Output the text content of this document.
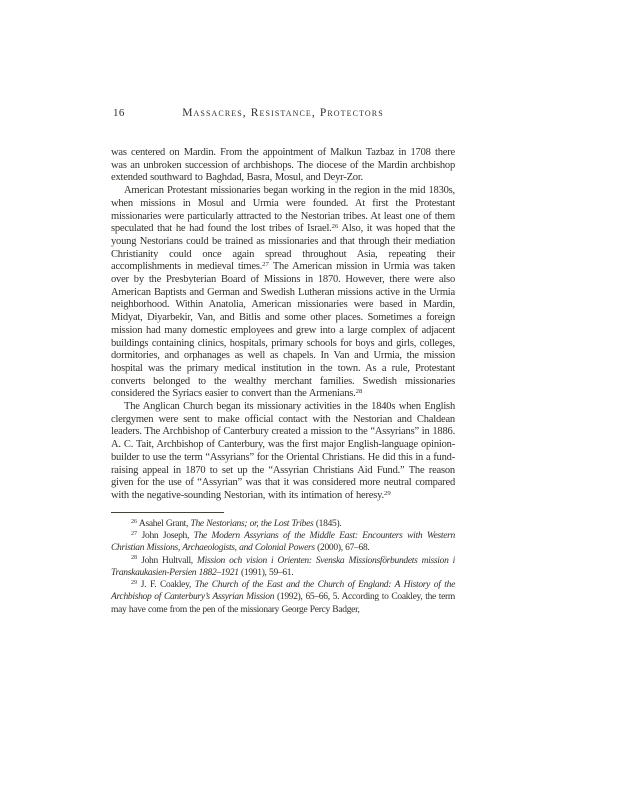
16	Massacres, Resistance, Protectors

was centered on Mardin. From the appointment of Malkun Tazbaz in 1708 there was an unbroken succession of archbishops. The diocese of the Mardin archbishop extended southward to Baghdad, Basra, Mosul, and Deyr-Zor.

American Protestant missionaries began working in the region in the mid 1830s, when missions in Mosul and Urmia were founded. At first the Protestant missionaries were particularly attracted to the Nestorian tribes. At least one of them speculated that he had found the lost tribes of Israel.$^{26}$ Also, it was hoped that the young Nestorians could be trained as missionaries and that through their mediation Christianity could once again spread throughout Asia, repeating their accomplishments in medieval times.$^{27}$ The American mission in Urmia was taken over by the Presbyterian Board of Missions in 1870. However, there were also American Baptists and German and Swedish Lutheran missions active in the Urmia neighborhood. Within Anatolia, American missionaries were based in Mardin, Midyat, Diyarbekir, Van, and Bitlis and some other places. Sometimes a foreign mission had many domestic employees and grew into a large complex of adjacent buildings containing clinics, hospitals, primary schools for boys and girls, colleges, dormitories, and orphanages as well as chapels. In Van and Urmia, the mission hospital was the primary medical institution in the town. As a rule, Protestant converts belonged to the wealthy merchant families. Swedish missionaries considered the Syriacs easier to convert than the Armenians.$^{28}$

The Anglican Church began its missionary activities in the 1840s when English clergymen were sent to make official contact with the Nestorian and Chaldean leaders. The Archbishop of Canterbury created a mission to the “Assyrians” in 1886. A. C. Tait, Archbishop of Canterbury, was the first major English-language opinion-builder to use the term “Assyrians” for the Oriental Christians. He did this in a fund-raising appeal in 1870 to set up the “Assyrian Christians Aid Fund.” The reason given for the use of “Assyrian” was that it was considered more neutral compared with the negative-sounding Nestorian, with its intimation of heresy.$^{29}$

$^{26}$ Asahel Grant, The Nestorians; or, the Lost Tribes (1845).

$^{27}$ John Joseph, The Modern Assyrians of the Middle East: Encounters with Western Christian Missions, Archaeologists, and Colonial Powers (2000), 67–68.

$^{28}$ John Hultvall, Mission och vision i Orienten: Svenska Missionsförbundets mission i Transkaukasien-Persien 1882–1921 (1991), 59–61.

$^{29}$ J. F. Coakley, The Church of the East and the Church of England: A History of the Archbishop of Canterbury’s Assyrian Mission (1992), 65–66, 5. According to Coakley, the term may have come from the pen of the missionary George Percy Badger,
